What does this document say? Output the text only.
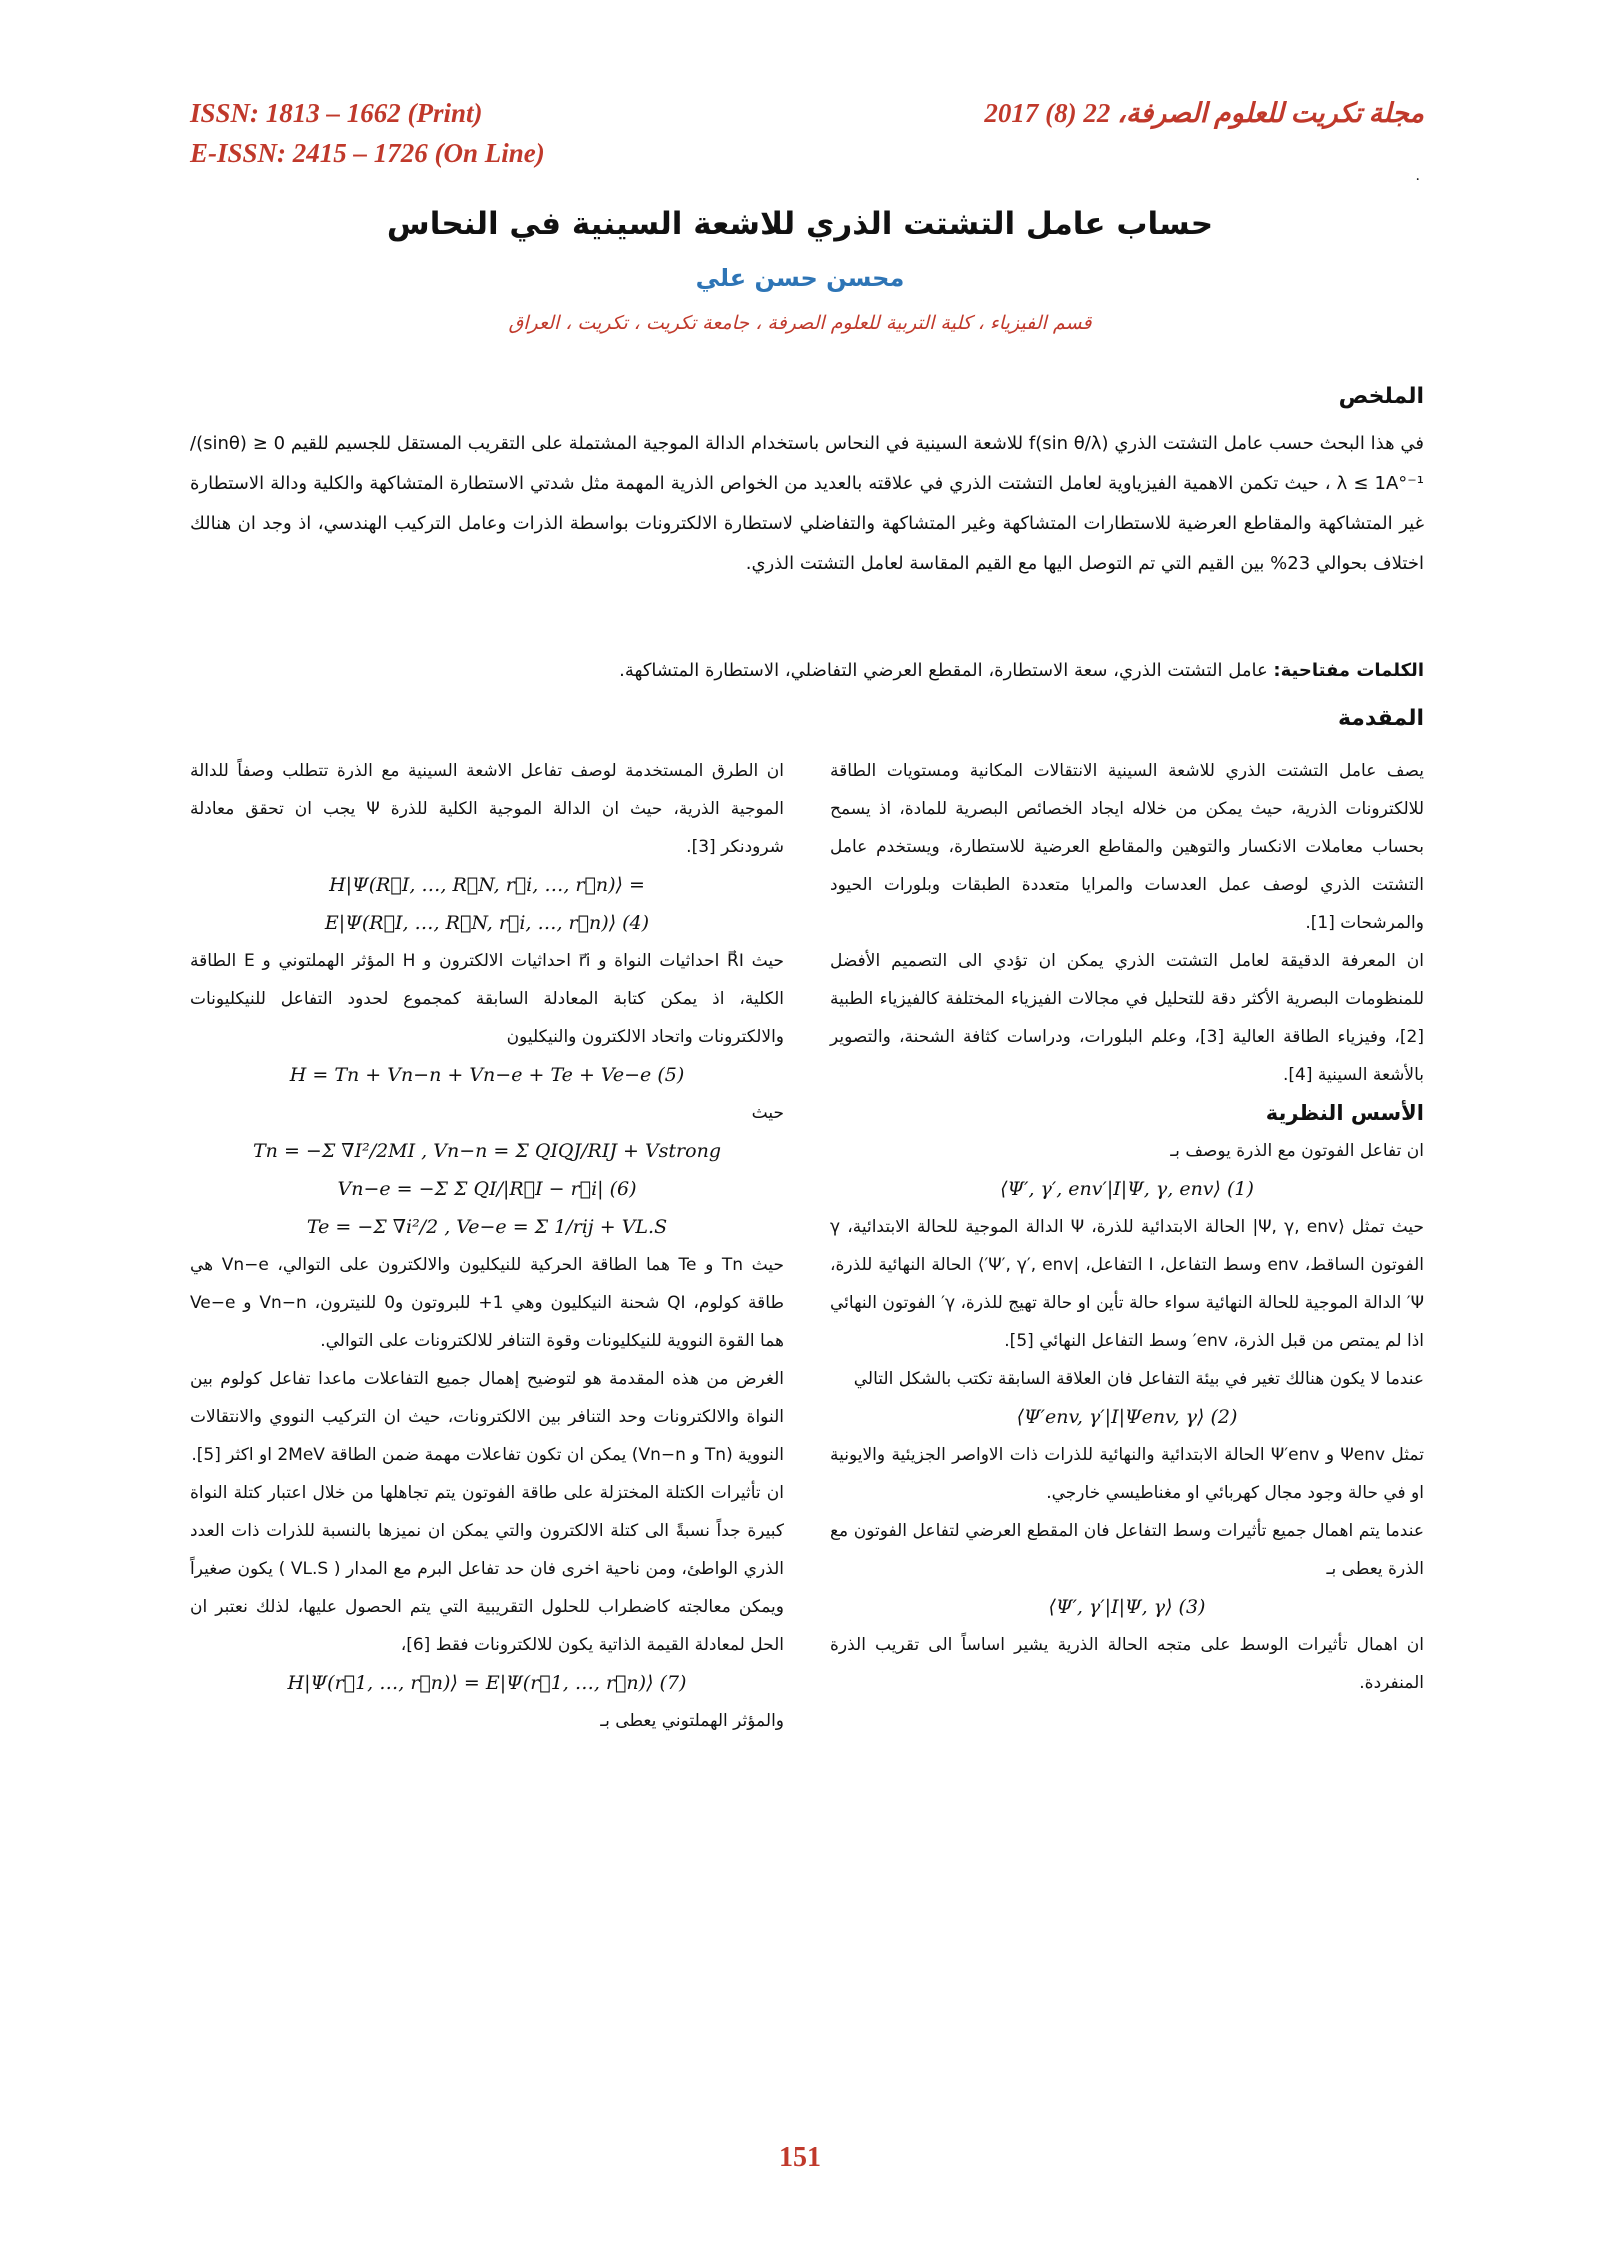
ISSN: 1813 – 1662 (Print)
E-ISSN: 2415 – 1726 (On Line)
مجلة تكريت للعلوم الصرفة، 22 (8) 2017
.
حساب عامل التشتت الذري للاشعة السينية في النحاس
محسن حسن علي
قسم الفيزياء ، كلية التربية للعلوم الصرفة ، جامعة تكريت ، تكريت ، العراق
الملخص
في هذا البحث حسب عامل التشتت الذري f(sin θ/λ) للاشعة السينية في النحاس باستخدام الدالة الموجية المشتملة على التقريب المستقل للجسيم للقيم 0 ≤ (sinθ)/λ ≤ 1A°⁻¹ ، حيث تكمن الاهمية الفيزياوية لعامل التشتت الذري في علاقته بالعديد من الخواص الذرية المهمة مثل شدتي الاستطارة المتشاكهة والكلية ودالة الاستطارة غير المتشاكهة والمقاطع العرضية للاستطارات المتشاكهة وغير المتشاكهة والتفاضلي لاستطارة الالكترونات بواسطة الذرات وعامل التركيب الهندسي، اذ وجد ان هنالك اختلاف بحوالي 23% بين القيم التي تم التوصل اليها مع القيم المقاسة لعامل التشتت الذري.
الكلمات مفتاحية: عامل التشتت الذري، سعة الاستطارة، المقطع العرضي التفاضلي، الاستطارة المتشاكهة.
المقدمة

يصف عامل التشتت الذري للاشعة السينية الانتقالات المكانية ومستويات الطاقة للالكترونات الذرية، حيث يمكن من خلاله ايجاد الخصائص البصرية للمادة، اذ يسمح بحساب معاملات الانكسار والتوهين والمقاطع العرضية للاستطارة، ويستخدم عامل التشتت الذري لوصف عمل العدسات والمرايا متعددة الطبقات وبلورات الحيود والمرشحات [1].

ان المعرفة الدقيقة لعامل التشتت الذري يمكن ان تؤدي الى التصميم الأفضل للمنظومات البصرية الأكثر دقة للتحليل في مجالات الفيزياء المختلفة كالفيزياء الطبية [2]، وفيزياء الطاقة العالية [3]، وعلم البلورات، ودراسات كثافة الشحنة، والتصوير بالأشعة السينية [4].

الأسس النظرية

ان تفاعل الفوتون مع الذرة يوصف بـ

⟨Ψ′, γ′, env′|I|Ψ, γ, env⟩ (1)

حيث تمثل ⟨Ψ, γ, env| الحالة الابتدائية للذرة، Ψ الدالة الموجية للحالة الابتدائية، γ الفوتون الساقط، env وسط التفاعل، I التفاعل، |Ψ′, γ′, env′⟩ الحالة النهائية للذرة، Ψ′ الدالة الموجية للحالة النهائية سواء حالة تأين او حالة تهيج للذرة، γ′ الفوتون النهائي اذا لم يمتص من قبل الذرة، env′ وسط التفاعل النهائي [5].

عندما لا يكون هنالك تغير في بيئة التفاعل فان العلاقة السابقة تكتب بالشكل التالي

⟨Ψ′env, γ′|I|Ψenv, γ⟩ (2)

تمثل Ψenv و Ψ′env الحالة الابتدائية والنهائية للذرات ذات الاواصر الجزيئية والايونية او في حالة وجود مجال كهربائي او مغناطيسي خارجي.

عندما يتم اهمال جميع تأثيرات وسط التفاعل فان المقطع العرضي لتفاعل الفوتون مع الذرة يعطى بـ

⟨Ψ′, γ′|I|Ψ, γ⟩ (3)

ان اهمال تأثيرات الوسط على متجه الحالة الذرية يشير اساساً الى تقريب الذرة المنفردة.

ان الطرق المستخدمة لوصف تفاعل الاشعة السينية مع الذرة تتطلب وصفاً للدالة الموجية الذرية، حيث ان الدالة الموجية الكلية للذرة Ψ يجب ان تحقق معادلة شرودنكر [3].

H|Ψ(R⃗I, …, R⃗N, r⃗i, …, r⃗n)⟩ =

E|Ψ(R⃗I, …, R⃗N, r⃗i, …, r⃗n)⟩ (4)

حيث R⃗I احداثيات النواة و r⃗i احداثيات الالكترون و H المؤثر الهملتوني و E الطاقة الكلية، اذ يمكن كتابة المعادلة السابقة كمجموع لحدود التفاعل للنيكليونات والالكترونات واتحاد الالكترون والنيكليون

H = Tn + Vn−n + Vn−e + Te + Ve−e (5)

حيث

Tn = −Σ ∇I²/2MI , Vn−n = Σ QIQJ/RIJ + Vstrong

Vn−e = −Σ Σ QI/|R⃗I − r⃗i| (6)

Te = −Σ ∇i²/2 , Ve−e = Σ 1/rij + VL.S

حيث Tn و Te هما الطاقة الحركية للنيكليون والالكترون على التوالي، Vn−e هي طاقة كولوم، QI شحنة النيكليون وهي 1+ للبروتون و0 للنيترون، Vn−n و Ve−e هما القوة النووية للنيكليونات وقوة التنافر للالكترونات على التوالي.

الغرض من هذه المقدمة هو لتوضيح إهمال جميع التفاعلات ماعدا تفاعل كولوم بين النواة والالكترونات وحد التنافر بين الالكترونات، حيث ان التركيب النووي والانتقالات النووية (Tn و Vn−n) يمكن ان تكون تفاعلات مهمة ضمن الطاقة 2MeV او اكثر [5].

ان تأثيرات الكتلة المختزلة على طاقة الفوتون يتم تجاهلها من خلال اعتبار كتلة النواة كبيرة جداً نسبةً الى كتلة الالكترون والتي يمكن ان نميزها بالنسبة للذرات ذات العدد الذري الواطئ، ومن ناحية اخرى فان حد تفاعل البرم مع المدار ( VL.S ) يكون صغيراً ويمكن معالجته كاضطراب للحلول التقريبية التي يتم الحصول عليها، لذلك نعتبر ان الحل لمعادلة القيمة الذاتية يكون للالكترونات فقط [6]،

H|Ψ(r⃗1, …, r⃗n)⟩ = E|Ψ(r⃗1, …, r⃗n)⟩ (7)

والمؤثر الهملتوني يعطى بـ

151
